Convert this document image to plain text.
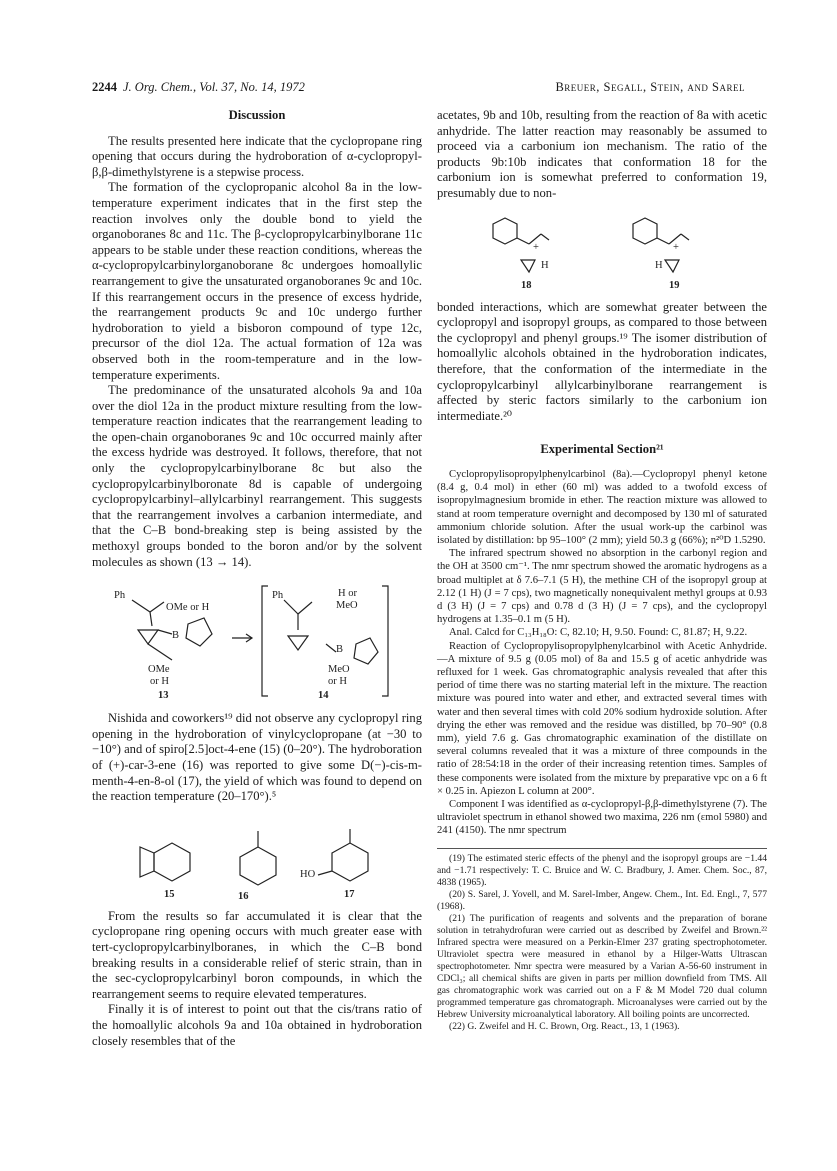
2244 J. Org. Chem., Vol. 37, No. 14, 1972	Breuer, Segall, Stein, and Sarel
Discussion

The results presented here indicate that the cyclopropane ring opening that occurs during the hydroboration of α-cyclopropyl-β,β-dimethylstyrene is a stepwise process.

The formation of the cyclopropanic alcohol 8a in the low-temperature experiment indicates that in the first step the reaction involves only the double bond to yield the organoboranes 8c and 11c. The β-cyclopropylcarbinylborane 11c appears to be stable under these reaction conditions, whereas the α-cyclopropylcarbinylorganoborane 8c undergoes homoallylic rearrangement to give the unsaturated organoboranes 9c and 10c. If this rearrangement occurs in the presence of excess hydride, the rearrangement products 9c and 10c undergo further hydroboration to yield a bisboron compound of type 12c, precursor of the diol 12a. The actual formation of 12a was observed both in the room-temperature and in the low-temperature experiments.

The predominance of the unsaturated alcohols 9a and 10a over the diol 12a in the product mixture resulting from the low-temperature reaction indicates that the rearrangement leading to the open-chain organoboranes 9c and 10c occurred mainly after the excess hydride was destroyed. It follows, therefore, that not only the cyclopropylcarbinylborane 8c but also the cyclopropylcarbinylboronate 8d is capable of undergoing cyclopropylcarbinyl–allylcarbinyl rearrangement. This suggests that the rearrangement involves a carbanion intermediate, and that the C–B bond-breaking step is being assisted by the methoxyl groups bonded to the boron and/or by the solvent molecules as shown (13 → 14).

Ph
OMe or H
B
OMe
or H
13
Ph	H or
MeO
B
MeO
or H
14

Nishida and coworkers¹⁹ did not observe any cyclopropyl ring opening in the hydroboration of vinylcyclopropane (at −30 to −10°) and of spiro[2.5]oct-4-ene (15) (0–20°). The hydroboration of (+)-car-3-ene (16) was reported to give some D(−)-cis-m-menth-4-en-8-ol (17), the yield of which was found to depend on the reaction temperature (20–170°).⁵

15	16
HO
17

From the results so far accumulated it is clear that the cyclopropane ring opening occurs with much greater ease with tert-cyclopropylcarbinylboranes, in which the C–B bond breaking results in a considerable relief of steric strain, than in the sec-cyclopropylcarbinyl boron compounds, in which the rearrangement seems to require elevated temperatures.

Finally it is of interest to point out that the cis/trans ratio of the homoallylic alcohols 9a and 10a obtained in hydroboration closely resembles that of the

acetates, 9b and 10b, resulting from the reaction of 8a with acetic anhydride. The latter reaction may reasonably be assumed to proceed via a carbonium ion mechanism. The ratio of the products 9b:10b indicates that conformation 18 for the carbonium ion is somewhat preferred to conformation 19, presumably due to non-

+
H
18
+
H
19

bonded interactions, which are somewhat greater between the cyclopropyl and isopropyl groups, as compared to those between the cyclopropyl and phenyl groups.¹⁹ The isomer distribution of homoallylic alcohols obtained in the hydroboration indicates, therefore, that the conformation of the intermediate in the cyclopropylcarbinyl allylcarbinylborane rearrangement is affected by steric factors similarly to the carbonium ion intermediate.²⁰

Experimental Section²¹

Cyclopropylisopropylphenylcarbinol (8a).—Cyclopropyl phenyl ketone (8.4 g, 0.4 mol) in ether (60 ml) was added to a twofold excess of isopropylmagnesium bromide in ether. The reaction mixture was allowed to stand at room temperature overnight and decomposed by 130 ml of saturated ammonium chloride solution. After the usual work-up the carbinol was isolated by distillation: bp 95–100° (2 mm); yield 50.3 g (66%); n²⁰D 1.5290.

The infrared spectrum showed no absorption in the carbonyl region and the OH at 3500 cm⁻¹. The nmr spectrum showed the aromatic hydrogens as a broad multiplet at δ 7.6–7.1 (5 H), the methine CH of the isopropyl group at 2.12 (1 H) (J = 7 cps), two magnetically nonequivalent methyl groups at 0.93 d (3 H) (J = 7 cps) and 0.78 d (3 H) (J = 7 cps), and the cyclopropyl hydrogens at 1.35–0.1 m (5 H).

Anal. Calcd for C₁₃H₁₈O: C, 82.10; H, 9.50. Found: C, 81.87; H, 9.22.

Reaction of Cyclopropylisopropylphenylcarbinol with Acetic Anhydride.—A mixture of 9.5 g (0.05 mol) of 8a and 15.5 g of acetic anhydride was refluxed for 1 week. Gas chromatographic analysis revealed that after this period of time there was no starting material left in the mixture. The reaction mixture was poured into water and ether, and extracted several times with water and then several times with cold 20% sodium hydroxide solution. After drying the ether was removed and the residue was distilled, bp 70–90° (0.8 mm), yield 7.6 g. Gas chromatographic examination of the distillate on several columns revealed that it was a mixture of three compounds in the ratio of 28:54:18 in the order of their increasing retention times. Samples of these components were isolated from the mixture by preparative vpc on a 6 ft × 0.25 in. Apiezon L column at 200°.

Component I was identified as α-cyclopropyl-β,β-dimethylstyrene (7). The ultraviolet spectrum in ethanol showed two maxima, 226 nm (εmol 5980) and 241 (4150). The nmr spectrum

(19) The estimated steric effects of the phenyl and the isopropyl groups are −1.44 and −1.71 respectively: T. C. Bruice and W. C. Bradbury, J. Amer. Chem. Soc., 87, 4838 (1965).

(20) S. Sarel, J. Yovell, and M. Sarel-Imber, Angew. Chem., Int. Ed. Engl., 7, 577 (1968).

(21) The purification of reagents and solvents and the preparation of borane solution in tetrahydrofuran were carried out as described by Zweifel and Brown.²² Infrared spectra were measured on a Perkin-Elmer 237 grating spectrophotometer. Ultraviolet spectra were measured in ethanol by a Hilger-Watts Ultrascan spectrophotometer. Nmr spectra were measured by a Varian A-56-60 instrument in CDCl₃; all chemical shifts are given in parts per million downfield from TMS. All gas chromatographic work was carried out on a F & M Model 720 dual column programmed temperature gas chromatograph. Microanalyses were carried out by the Hebrew University microanalytical laboratory. All boiling points are uncorrected.

(22) G. Zweifel and H. C. Brown, Org. React., 13, 1 (1963).
